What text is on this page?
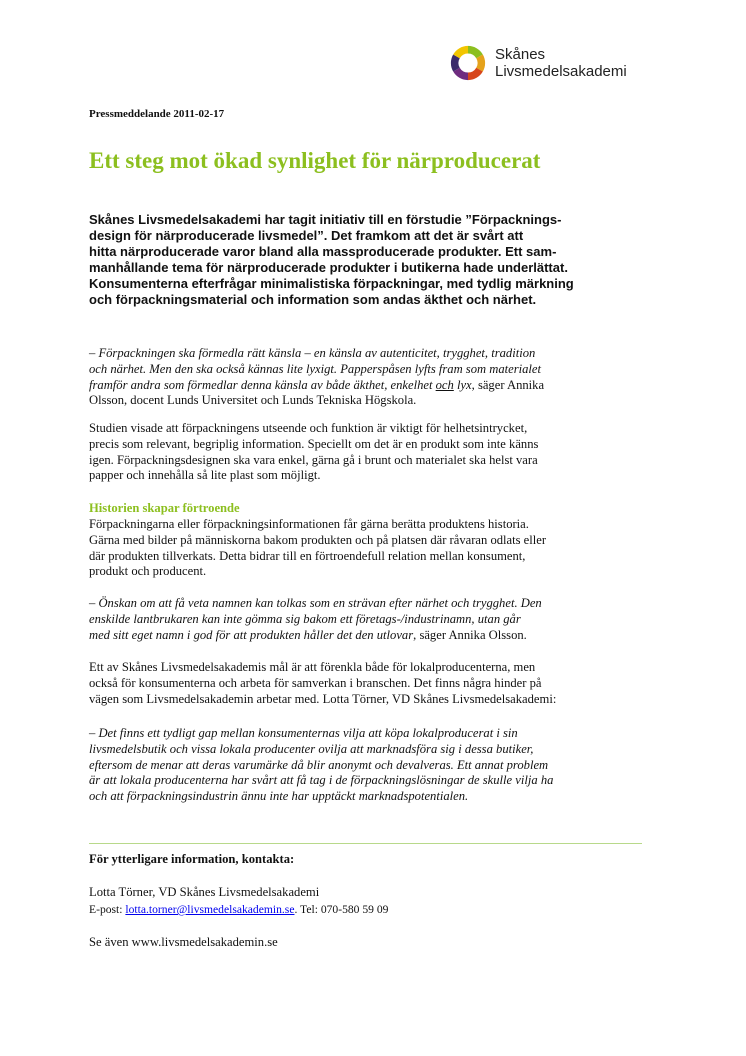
Skånes
Livsmedelsakademi
Pressmeddelande 2011-02-17
Ett steg mot ökad synlighet för närproducerat

Skånes Livsmedelsakademi har tagit initiativ till en förstudie ”Förpacknings-
design för närproducerade livsmedel”. Det framkom att det är svårt att
hitta närproducerade varor bland alla massproducerade produkter. Ett sam-
manhållande tema för närproducerade produkter i butikerna hade underlättat.
Konsumenterna efterfrågar minimalistiska förpackningar, med tydlig märkning
och förpackningsmaterial och information som andas äkthet och närhet.

– Förpackningen ska förmedla rätt känsla – en känsla av autenticitet, trygghet, tradition
och närhet. Men den ska också kännas lite lyxigt. Papperspåsen lyfts fram som materialet
framför andra som förmedlar denna känsla av både äkthet, enkelhet och lyx, säger Annika
Olsson, docent Lunds Universitet och Lunds Tekniska Högskola.

Studien visade att förpackningens utseende och funktion är viktigt för helhetsintrycket,
precis som relevant, begriplig information. Speciellt om det är en produkt som inte känns
igen. Förpackningsdesignen ska vara enkel, gärna gå i brunt och materialet ska helst vara
papper och innehålla så lite plast som möjligt.

Historien skapar förtroende

Förpackningarna eller förpackningsinformationen får gärna berätta produktens historia.
Gärna med bilder på människorna bakom produkten och på platsen där råvaran odlats eller
där produkten tillverkats. Detta bidrar till en förtroendefull relation mellan konsument,
produkt och producent.

– Önskan om att få veta namnen kan tolkas som en strävan efter närhet och trygghet. Den
enskilde lantbrukaren kan inte gömma sig bakom ett företags-/industrinamn, utan går
med sitt eget namn i god för att produkten håller det den utlovar, säger Annika Olsson.

Ett av Skånes Livsmedelsakademis mål är att förenkla både för lokalproducenterna, men
också för konsumenterna och arbeta för samverkan i branschen. Det finns några hinder på
vägen som Livsmedelsakademin arbetar med. Lotta Törner, VD Skånes Livsmedelsakademi:

– Det finns ett tydligt gap mellan konsumenternas vilja att köpa lokalproducerat i sin
livsmedelsbutik och vissa lokala producenter ovilja att marknadsföra sig i dessa butiker,
eftersom de menar att deras varumärke då blir anonymt och devalveras. Ett annat problem
är att lokala producenterna har svårt att få tag i de förpackningslösningar de skulle vilja ha
och att förpackningsindustrin ännu inte har upptäckt marknadspotentialen.

För ytterligare information, kontakta:
Lotta Törner, VD Skånes Livsmedelsakademi
E-post: lotta.torner@livsmedelsakademin.se. Tel: 070-580 59 09
Se även www.livsmedelsakademin.se
